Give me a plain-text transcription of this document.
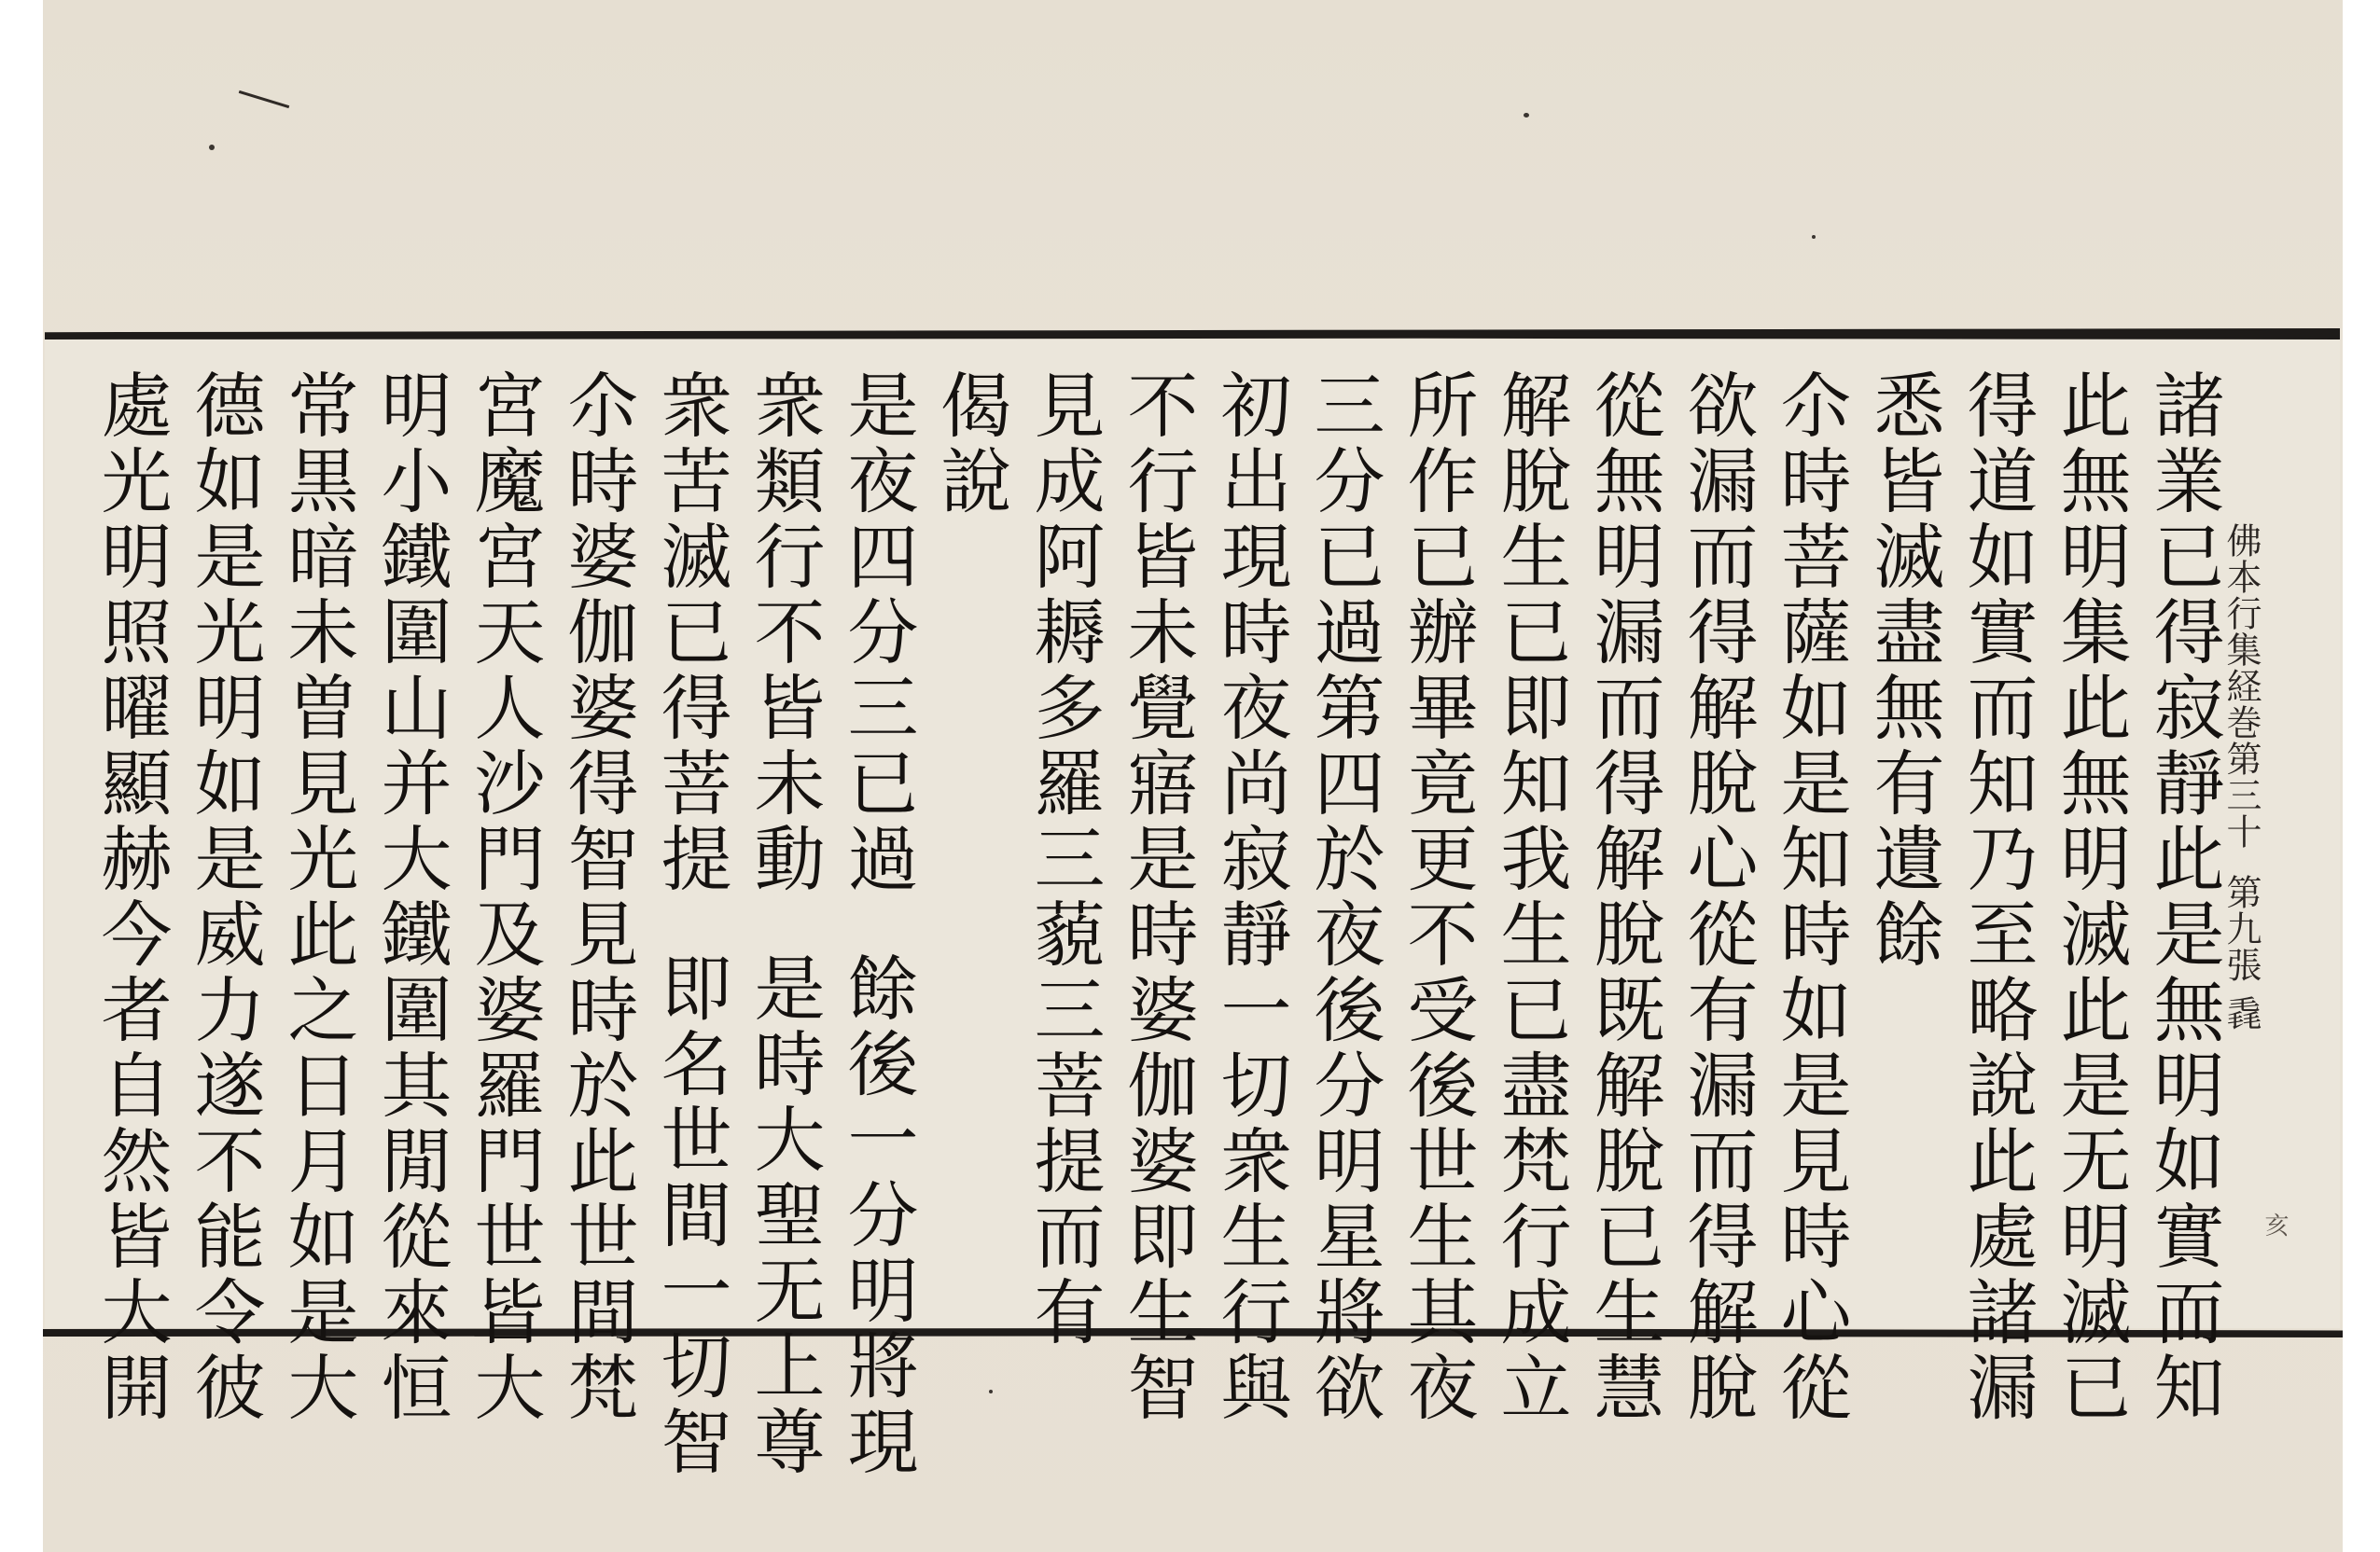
佛本行集経巻第三十  第九張 毳
諸業已得寂靜此是無明如實而知
此無明集此無明滅此是无明滅已
得道如實而知乃至略說此處諸漏
悉皆滅盡無有遺餘
尒時菩薩如是知時如是見時心從
欲漏而得解脫心從有漏而得解脫
從無明漏而得解脫既解脫已生慧
解脫生已即知我生已盡梵行成立
所作已辦畢竟更不受後世生其夜
三分已過第四於夜後分明星將欲
初出現時夜尚寂靜一切衆生行與
不行皆未覺寤是時婆伽婆即生智
見成阿耨多羅三藐三菩提而有
偈說
是夜四分三已過  餘後一分明將現
衆類行不皆未動  是時大聖无上尊
衆苦滅已得菩提  即名世間一切智
尒時婆伽婆得智見時於此世間梵
宮魔宮天人沙門及婆羅門世皆大
明小鐵圍山并大鐵圍其閒從來恒
常黒暗未曽見光此之日月如是大
德如是光明如是威力遂不能令彼
處光明照曜顯赫今者自然皆大開	亥
